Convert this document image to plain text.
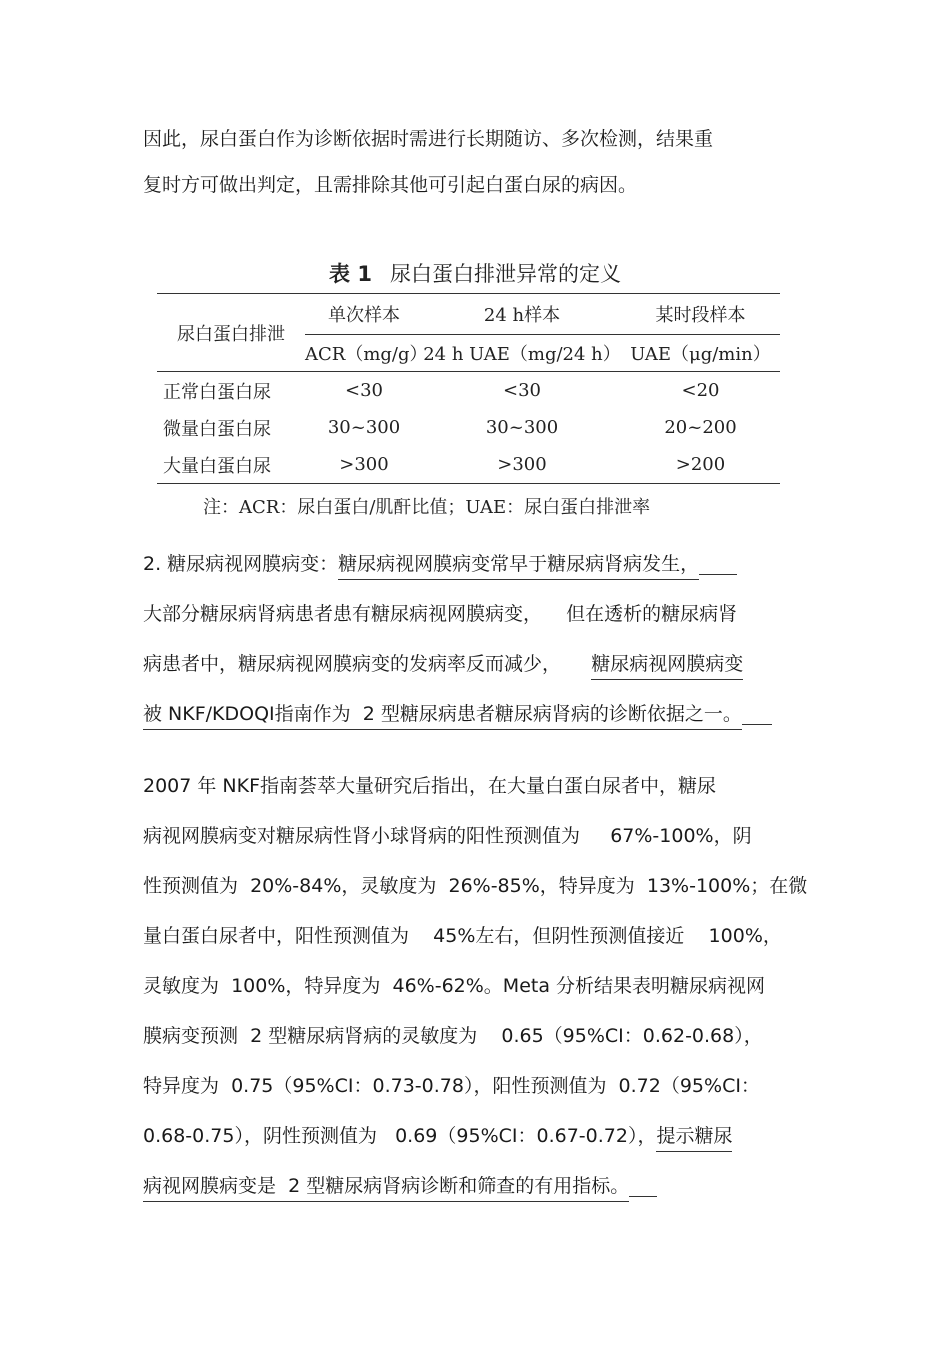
因此，尿白蛋白作为诊断依据时需进行长期随访、多次检测，结果重
复时方可做出判定，且需排除其他可引起白蛋白尿的病因。
表 1 尿白蛋白排泄异常的定义
尿白蛋白排泄	单次样本	24 h样本	某时段样本
	ACR（mg/g）	24 h UAE（mg/24 h）	UAE（μg/min）
正常白蛋白尿	<30	<30	<20
微量白蛋白尿	30~300	30~300	20~200
大量白蛋白尿	>300	>300	>200
注：ACR：尿白蛋白/肌酐比值；UAE：尿白蛋白排泄率
2. 糖尿病视网膜病变：糖尿病视网膜病变常早于糖尿病肾病发生，
大部分糖尿病肾病患者患有糖尿病视网膜病变，    但在透析的糖尿病肾
病患者中，糖尿病视网膜病变的发病率反而减少，     糖尿病视网膜病变
被 NKF/KDOQI指南作为  2 型糖尿病患者糖尿病肾病的诊断依据之一。
2007 年 NKF指南荟萃大量研究后指出，在大量白蛋白尿者中，糖尿
病视网膜病变对糖尿病性肾小球肾病的阳性预测值为     67%-100%，阴
性预测值为  20%-84%，灵敏度为  26%-85%，特异度为  13%-100%；在微
量白蛋白尿者中，阳性预测值为    45%左右，但阴性预测值接近    100%，
灵敏度为  100%，特异度为  46%-62%。Meta 分析结果表明糖尿病视网
膜病变预测  2 型糖尿病肾病的灵敏度为    0.65（95%CI：0.62-0.68），
特异度为  0.75（95%CI：0.73-0.78），阳性预测值为  0.72（95%CI：
0.68-0.75），阴性预测值为   0.69（95%CI：0.67-0.72），提示糖尿
病视网膜病变是  2 型糖尿病肾病诊断和筛查的有用指标。
